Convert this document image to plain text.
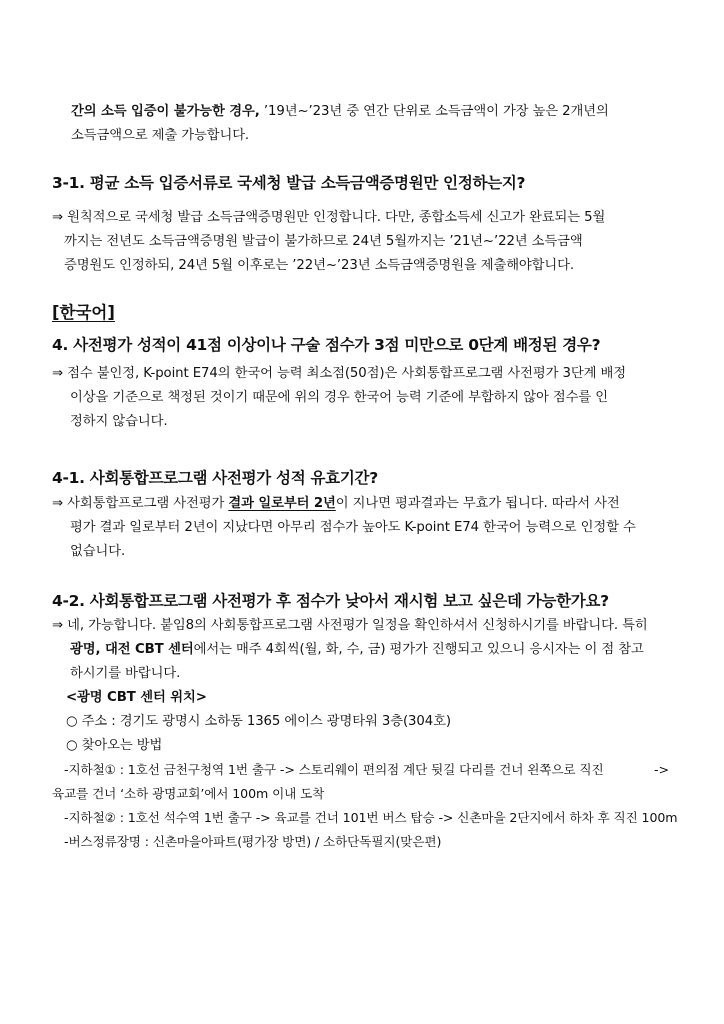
간의 소득 입증이 불가능한 경우, ’19년~’23년 중 연간 단위로 소득금액이 가장 높은 2개년의

소득금액으로 제출 가능합니다.

3-1. 평균 소득 입증서류로 국세청 발급 소득금액증명원만 인정하는지?

⇒ 원칙적으로 국세청 발급 소득금액증명원만 인정합니다. 다만, 종합소득세 신고가 완료되는 5월

까지는 전년도 소득금액증명원 발급이 불가하므로 24년 5월까지는 ’21년~’22년 소득금액

증명원도 인정하되, 24년 5월 이후로는 ’22년~’23년 소득금액증명원을 제출해야합니다.

[한국어]
4. 사전평가 성적이 41점 이상이나 구술 점수가 3점 미만으로 0단계 배정된 경우?

⇒ 점수 불인정, K-point E74의 한국어 능력 최소점(50점)은 사회통합프로그램 사전평가 3단계 배정

이상을 기준으로 책정된 것이기 때문에 위의 경우 한국어 능력 기준에 부합하지 않아 점수를 인

정하지 않습니다.

4-1. 사회통합프로그램 사전평가 성적 유효기간?

⇒ 사회통합프로그램 사전평가 결과 일로부터 2년이 지나면 평과결과는 무효가 됩니다. 따라서 사전

평가 결과 일로부터 2년이 지났다면 아무리 점수가 높아도 K-point E74 한국어 능력으로 인정할 수

없습니다.

4-2. 사회통합프로그램 사전평가 후 점수가 낮아서 재시험 보고 싶은데 가능한가요?

⇒ 네, 가능합니다. 붙임8의 사회통합프로그램 사전평가 일정을 확인하셔서 신청하시기를 바랍니다. 특히

광명, 대전 CBT 센터에서는 매주 4회씩(월, 화, 수, 금) 평가가 진행되고 있으니 응시자는 이 점 참고

하시기를 바랍니다.

<광명 CBT 센터 위치>

○ 주소 : 경기도 광명시 소하동 1365 에이스 광명타워 3층(304호)

○ 찾아오는 방법

-지하철① : 1호선 금천구청역 1번 출구 -> 스토리웨이 편의점 계단 뒷길 다리를 건너 왼쪽으로 직진	->

육교를 건너 ‘소하 광명교회’에서 100m 이내 도착

-지하철② : 1호선 석수역 1번 출구 -> 육교를 건너 101번 버스 탑승 -> 신촌마을 2단지에서 하차 후 직진 100m

-버스정류장명 : 신촌마을아파트(평가장 방면) / 소하단독필지(맞은편)
